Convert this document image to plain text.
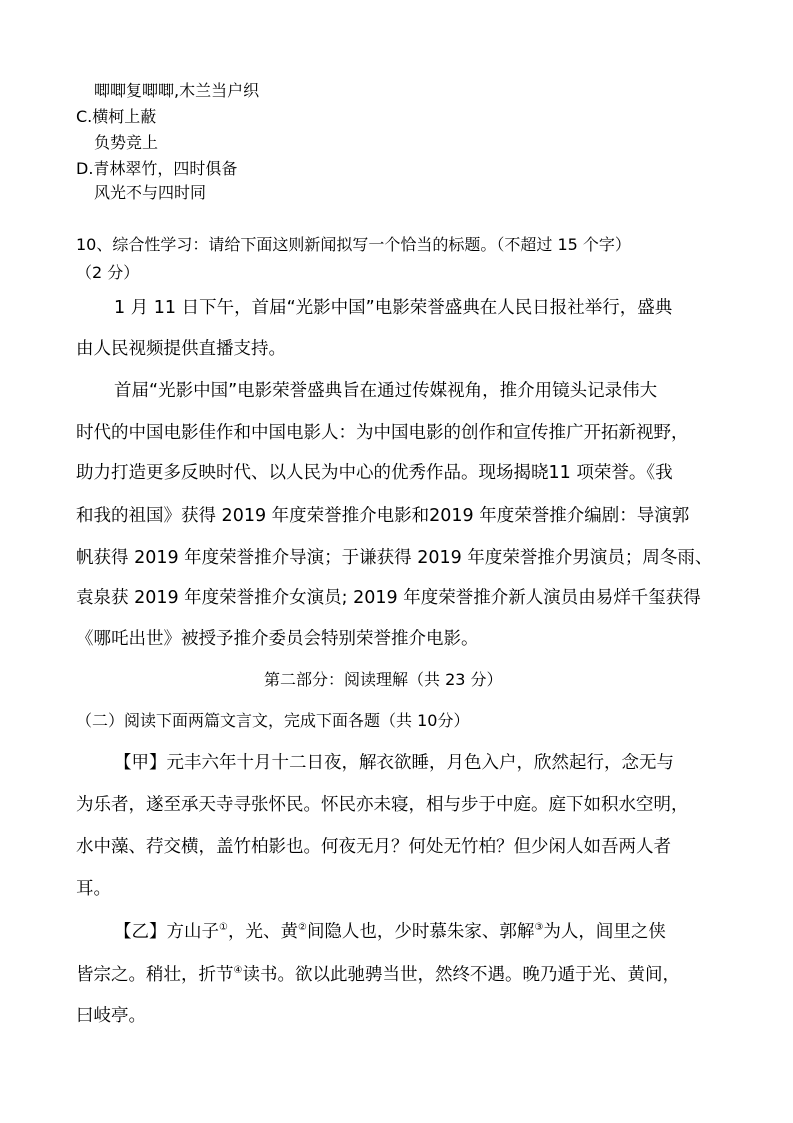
唧唧复唧唧,木兰当户织
C.横柯上蔽
负势竞上
D.青林翠竹，四时俱备
风光不与四时同
10、综合性学习：请给下面这则新闻拟写一个恰当的标题。（不超过 15 个字）
（2 分）
1 月 11 日下午，首届“光影中国”电影荣誉盛典在人民日报社举行，盛典
由人民视频提供直播支持。
首届“光影中国”电影荣誉盛典旨在通过传媒视角，推介用镜头记录伟大
时代的中国电影佳作和中国电影人：为中国电影的创作和宣传推广开拓新视野，
助力打造更多反映时代、以人民为中心的优秀作品。现场揭晓11 项荣誉。《我
和我的祖国》获得 2019 年度荣誉推介电影和2019 年度荣誉推介编剧：导演郭
帆获得 2019 年度荣誉推介导演；于谦获得 2019 年度荣誉推介男演员；周冬雨、
袁泉获 2019 年度荣誉推介女演员; 2019 年度荣誉推介新人演员由易烊千玺获得
《哪吒出世》被授予推介委员会特别荣誉推介电影。
第二部分：阅读理解（共 23 分）
（二）阅读下面两篇文言文，完成下面各题（共 10分）
【甲】元丰六年十月十二日夜，解衣欲睡，月色入户，欣然起行，念无与
为乐者，遂至承天寺寻张怀民。怀民亦未寝，相与步于中庭。庭下如积水空明，
水中藻、荇交横，盖竹柏影也。何夜无月？何处无竹柏？但少闲人如吾两人者
耳。
【乙】方山子①，光、黄②间隐人也，少时慕朱家、郭解③为人，闾里之侠
皆宗之。稍壮，折节④读书。欲以此驰骋当世，然终不遇。晚乃遁于光、黄间，
曰岐亭。
